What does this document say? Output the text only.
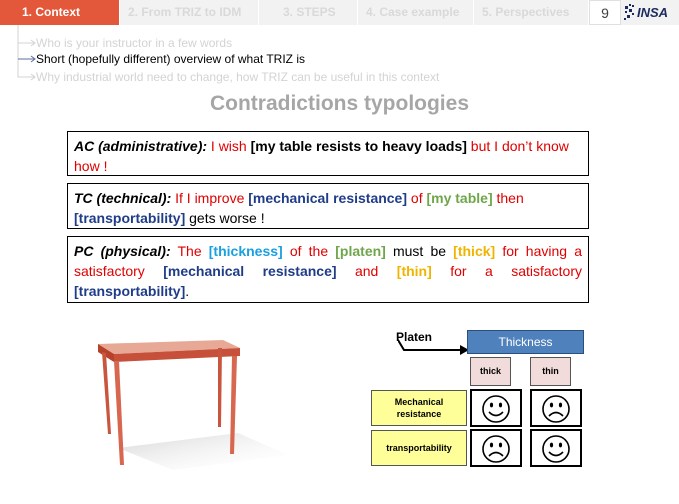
1. Context	2. From TRIZ to IDM	3. STEPS	4. Case example	5. Perspectives	9	INSA
Who is your instructor in a few words
Short (hopefully different) overview of what TRIZ is
Why industrial world need to change, how TRIZ can be useful in this context
Contradictions typologies
AC (administrative): I wish [my table resists to heavy loads] but I don’t know how !
TC (technical): If I improve [mechanical resistance] of [my table] then [transportability] gets worse !
PC (physical): The [thickness] of the [platen] must be [thick] for having a satisfactory [mechanical resistance] and [thin] for a satisfactory [transportability].
Platen	Thickness
thick	thin
Mechanical resistance
transportability
